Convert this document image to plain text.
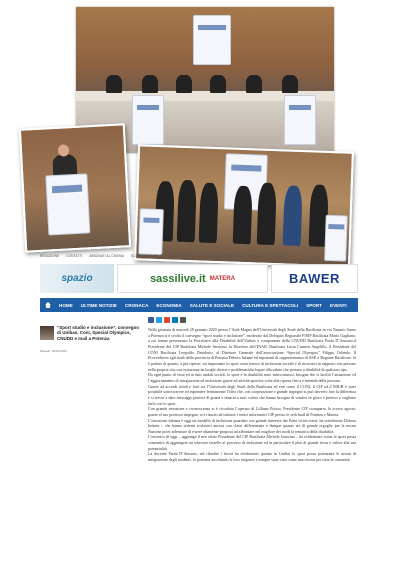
REDAZIONE CONTATTI ABBONATI AL CINEMA SCRIVI CON LITTLE ULTIME NOTIZIE CONDIZIONI DI SERVIZIO PRIVACY COOKIES
spazio	sassilive.it MATERA	BAWER
HOME ULTIME NOTIZIE CRONACA ECONOMIA SALUTE E SOCIALE CULTURA E SPETTACOLI SPORT EVENTI
“Sport studio e inclusione”, convegno di Unibas, Coni, Special Olympics, CNUDD e Inail a Potenza
Martedì, 28/01/2020

Nella giornata di martedì 28 gennaio 2020 presso l’Aula Magna dell’Università degli Studi della Basilicata in via Nazario Sauro a Potenza si è svolto il convegno “sport studio e inclusione”, moderato dal Delegato Regionale FISIP Basilicata Mario Gagliano, a cui hanno presenziato la Prorettrice alla Disabilità dell’Unibas e componente della CNUDD Basilicata Paola D’Antonio,il Presidente del CIP Basilicata Michele Saracino, la Direttore dell’INAIL Basilicata Lucia Carmen Angelillo, il Presidente del CONI Basilicata Leopoldo Desiderio, al Direttore Generale dell’associazione “Special Olympics” Filippo Orlando, Il Provveditore agli studi della provincia di Potenza Debora Infante ed esponenti di rappresentanza di ASP, e Regione Basilicata. Si è parlato di quanto, a più riprese, sia importante lo sport come mezzo di inclusione sociale e di ritrovarsi in rapporto con persone nella propria vita con estrazione da luoghi diversi e problematiche legate alla salute che portano a disabilità di qualsiasi tipo.

Da ogni punto di vista ed in tutti ambiti sociali, lo sport e la disabilità sono interconnessi, bisogna che si faciliti l’attuazione ed l’aggiornamento di integrazione ed inclusione grazie ad attività sportive volte alla ripresa fisica e mentale della persona.

Grazie ad accordi solidi e forti tra l’Università degli Studi della Basilicata ed enti come il CONI, il CIP ed il MIUR è stato possibile sottoscrivere ed esprimere fermamente l’idea che, con cooperazione e grande impegno si può davvero fare la differenza e si riesce a dare messaggi positivi di grazia e tenacia a tutti coloro che hanno bisogno di sentirsi in gioco e proteso e vogliano farlo con lo sport.

Con grande emozione e riconoscenza si è ricordata l’operato di Lilliano Poisso, Presidente CIP scomparso lo scorso agosto; grazie al suo prezioso impegno, si è riusciti ad istituire i centri informativi CIP presso le sedi Inail di Potenza e Matera.

L’istruzione italiana è oggi un modello di inclusione guardato con grande interesse dai Paesi vicini esteri; ha sottolineato Debora Infante – che hanno sistemi scolastici ancora con classi differenziate e dunque quanto sia di grande orgoglio per la nostra Nazione poter affermare di essere altamente proposti ad affrontare nel migliore dei modi la tematica della disabilità.

L’incontro di oggi – aggiunge il neo eletto Presidente del CIP Basilicata Michele Saracino – ha evidenziato come lo sport possa consentire di aggiungere un ulteriore tassello al processo di inclusione ed in particolare il plus di grande forza e valore alla sua potenzialità.

La docente Paola D’Antonio, nel ribadire i lavori ha evidenziato quanto in Unibas lo sport possa potenziare le azioni di integrazione degli studenti, lo potenzia ascoltando le loro esigenze e sempre stata vista come una risorsa per tutta la comunità.
